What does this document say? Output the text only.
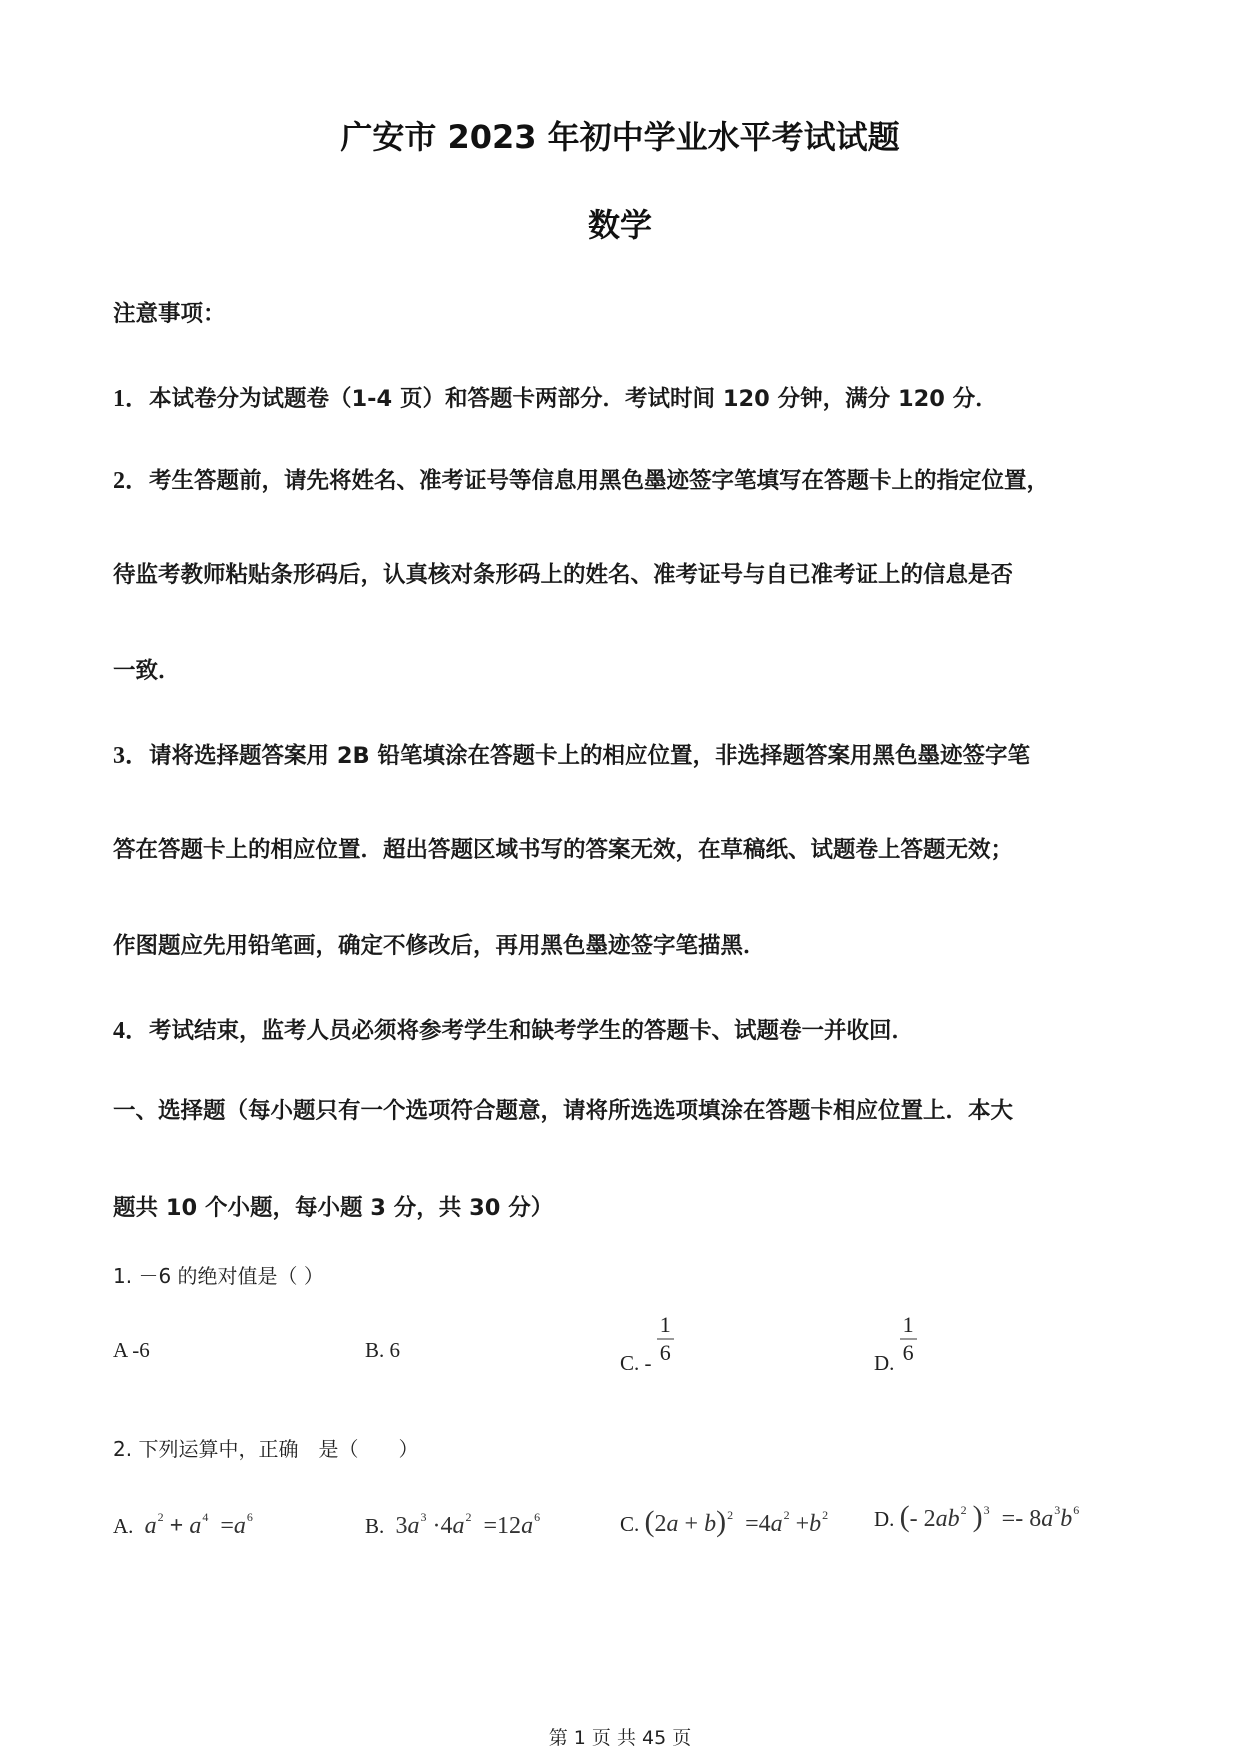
广安市 2023 年初中学业水平考试试题
数学
注意事项：
1．本试卷分为试题卷（1-4 页）和答题卡两部分．考试时间 120 分钟，满分 120 分．
2．考生答题前，请先将姓名、准考证号等信息用黑色墨迹签字笔填写在答题卡上的指定位置，
待监考教师粘贴条形码后，认真核对条形码上的姓名、准考证号与自已准考证上的信息是否
一致．
3．请将选择题答案用 2B 铅笔填涂在答题卡上的相应位置，非选择题答案用黑色墨迹签字笔
答在答题卡上的相应位置．超出答题区域书写的答案无效，在草稿纸、试题卷上答题无效；
作图题应先用铅笔画，确定不修改后，再用黑色墨迹签字笔描黑．
4．考试结束，监考人员必须将参考学生和缺考学生的答题卡、试题卷一并收回．
一、选择题（每小题只有一个选项符合题意，请将所选选项填涂在答题卡相应位置上．本大
题共 10 个小题，每小题 3 分，共 30 分）
1. －6 的绝对值是（ ）
A -6	B. 6
C. - $\frac{1}{6}$	D. $\frac{1}{6}$
2. 下列运算中，正确　是（　　）
A. $a^2 + a^4 =a^6$	B. $3a^3 \cdot 4a^2 =12a^6$	C. $(2a + b)^2 =4a^2 +b^2$ D. (- $2ab^2$ )$^3 =- 8a^3b^6$
第 1 页 共 45 页
